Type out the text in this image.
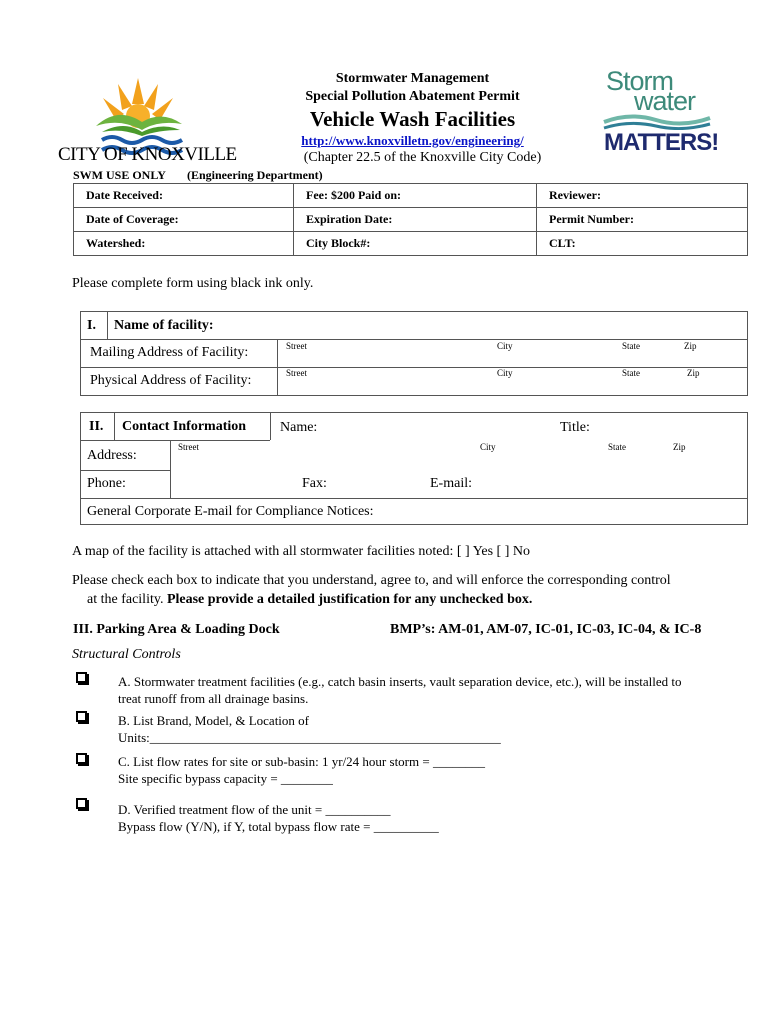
CITY OF KNOXVILLE
Stormwater Management
Special Pollution Abatement Permit
Vehicle Wash Facilities
http://www.knoxvilletn.gov/engineering/
(Chapter 22.5 of the Knoxville City Code)
Storm
water
MATTERS!
SWM USE ONLY (Engineering Department)
Date Received:	Fee: $200 Paid on:	Reviewer:
Date of Coverage:	Expiration Date:	Permit Number:
Watershed:	City Block#:	CLT:
Please complete form using black ink only.
I. Name of facility:
Mailing Address of Facility:
Physical Address of Facility:
Street	City	State	Zip
Street	City	State	Zip
II. Contact Information Name:	Title:
Address:
Street	City	State	Zip
Phone:	Fax:	E-mail:
General Corporate E-mail for Compliance Notices:
A map of the facility is attached with all stormwater facilities noted: [ ] Yes [ ] No
Please check each box to indicate that you understand, agree to, and will enforce the corresponding control
at the facility. Please provide a detailed justification for any unchecked box.
III. Parking Area & Loading Dock	BMP’s: AM-01, AM-07, IC-01, IC-03, IC-04, & IC-8
Structural Controls
A. Stormwater treatment facilities (e.g., catch basin inserts, vault separation device, etc.), will be installed to
treat runoff from all drainage basins.
B. List Brand, Model, & Location of
Units:______________________________________________________
C. List flow rates for site or sub-basin: 1 yr/24 hour storm = ________
Site specific bypass capacity = ________
D. Verified treatment flow of the unit = __________
Bypass flow (Y/N), if Y, total bypass flow rate = __________
